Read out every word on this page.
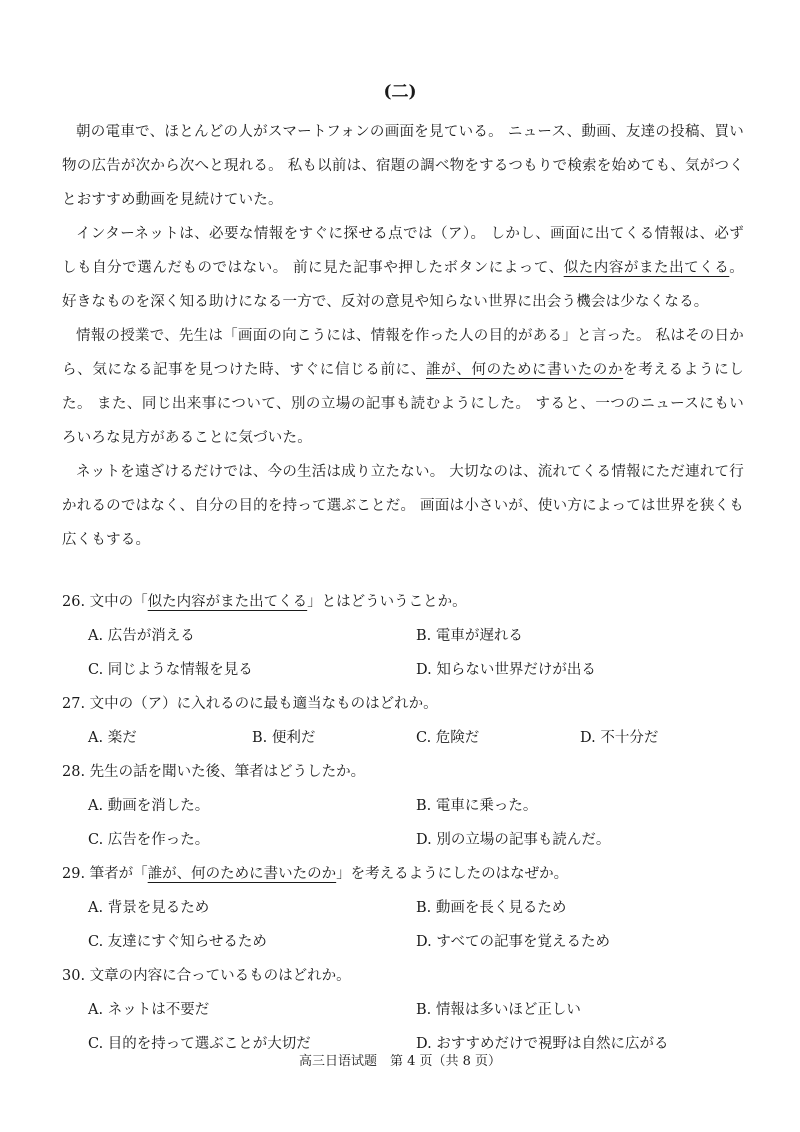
(二)

朝の電車で、ほとんどの人がスマートフォンの画面を見ている。 ニュース、動画、友達の投稿、買い物の広告が次から次へと現れる。 私も以前は、宿題の調べ物をするつもりで検索を始めても、気がつくとおすすめ動画を見続けていた。

インターネットは、必要な情報をすぐに探せる点では（ア）。 しかし、画面に出てくる情報は、必ずしも自分で選んだものではない。 前に見た記事や押したボタンによって、似た内容がまた出てくる。 好きなものを深く知る助けになる一方で、反対の意見や知らない世界に出会う機会は少なくなる。

情報の授業で、先生は「画面の向こうには、情報を作った人の目的がある」と言った。 私はその日から、気になる記事を見つけた時、すぐに信じる前に、誰が、何のために書いたのかを考えるようにした。 また、同じ出来事について、別の立場の記事も読むようにした。 すると、一つのニュースにもいろいろな見方があることに気づいた。

ネットを遠ざけるだけでは、今の生活は成り立たない。 大切なのは、流れてくる情報にただ連れて行かれるのではなく、自分の目的を持って選ぶことだ。 画面は小さいが、使い方によっては世界を狭くも広くもする。

26. 文中の「似た内容がまた出てくる」とはどういうことか。
A. 広告が消える	B. 電車が遅れる
C. 同じような情報を見る	D. 知らない世界だけが出る
27. 文中の（ア）に入れるのに最も適当なものはどれか。
A. 楽だ	B. 便利だ	C. 危険だ	D. 不十分だ
28. 先生の話を聞いた後、筆者はどうしたか。
A. 動画を消した。	B. 電車に乗った。
C. 広告を作った。	D. 別の立場の記事も読んだ。
29. 筆者が「誰が、何のために書いたのか」を考えるようにしたのはなぜか。
A. 背景を見るため	B. 動画を長く見るため
C. 友達にすぐ知らせるため	D. すべての記事を覚えるため
30. 文章の内容に合っているものはどれか。
A. ネットは不要だ	B. 情報は多いほど正しい
C. 目的を持って選ぶことが大切だ	D. おすすめだけで視野は自然に広がる
高三日语试题　第 4 页（共 8 页）
